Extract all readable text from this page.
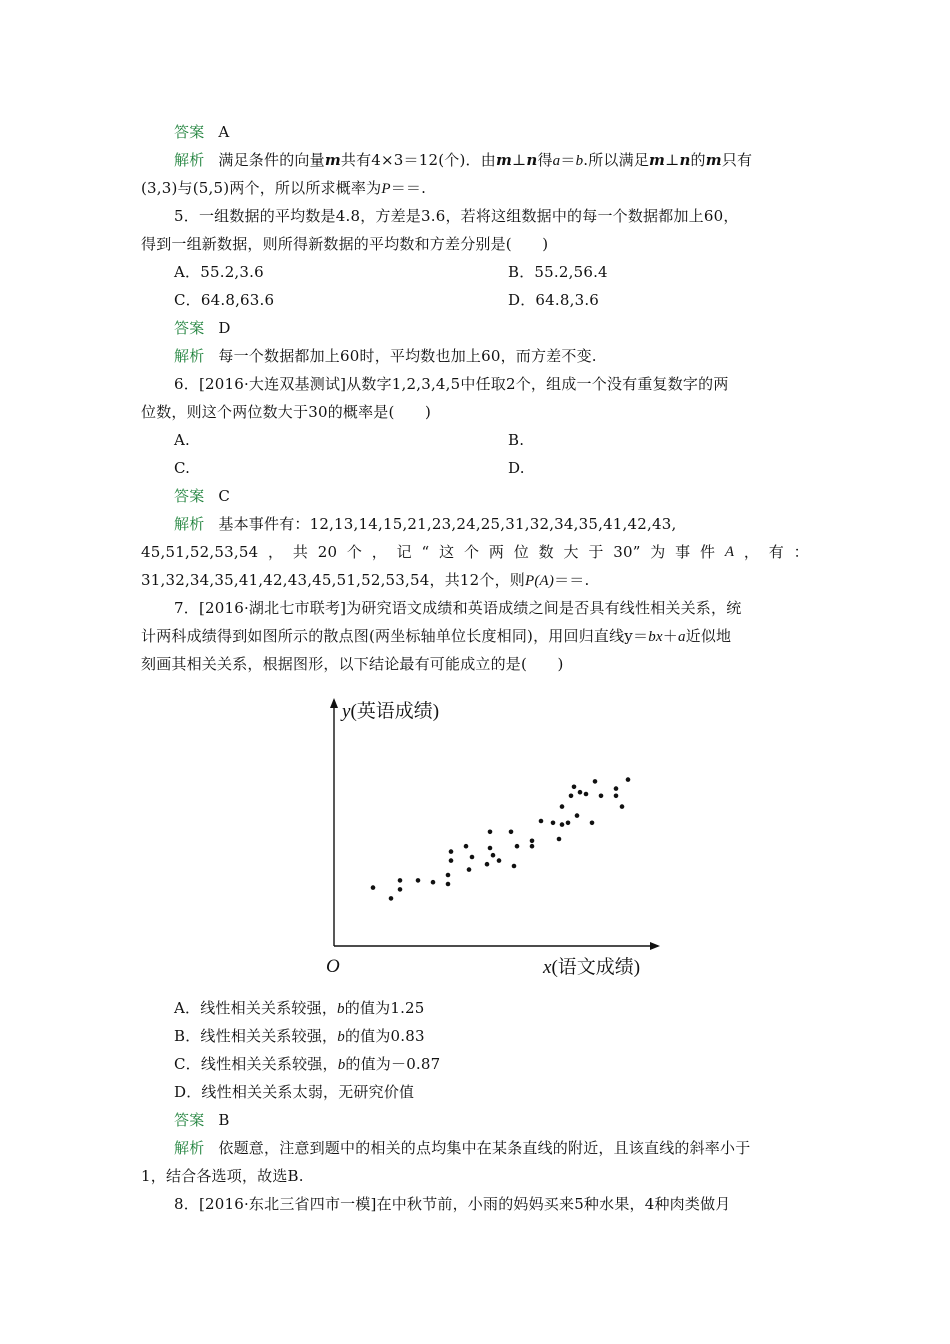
答案 A
解析 满足条件的向量m共有4×3＝12(个)．由m⊥n得a＝b.所以满足m⊥n的m只有
(3,3)与(5,5)两个，所以所求概率为P＝＝.
5．一组数据的平均数是4.8，方差是3.6，若将这组数据中的每一个数据都加上60，
得到一组新数据，则所得新数据的平均数和方差分别是(　　)
A．55.2,3.6	B．55.2,56.4
C．64.8,63.6	D．64.8,3.6
答案 D
解析 每一个数据都加上60时，平均数也加上60，而方差不变.
6．[2016·大连双基测试]从数字1,2,3,4,5中任取2个，组成一个没有重复数字的两
位数，则这个两位数大于30的概率是(　　)
A.	B.
C.	D.
答案 C
解析 基本事件有：12,13,14,15,21,23,24,25,31,32,34,35,41,42,43,
45,51,52,53,54 ， 共 20 个 ， 记 “ 这 个 两 位 数 大 于 30” 为 事 件 A ， 有 ：
31,32,34,35,41,42,43,45,51,52,53,54，共12个，则P(A)＝＝.
7．[2016·湖北七市联考]为研究语文成绩和英语成绩之间是否具有线性相关关系，统
计两科成绩得到如图所示的散点图(两坐标轴单位长度相同)，用回归直线y＝bx＋a近似地
刻画其相关关系，根据图形，以下结论最有可能成立的是(　　)
y(英语成绩)
x(语文成绩)
O
A．线性相关关系较强，b的值为1.25
B．线性相关关系较强，b的值为0.83
C．线性相关关系较强，b的值为－0.87
D．线性相关关系太弱，无研究价值
答案 B
解析 依题意，注意到题中的相关的点均集中在某条直线的附近，且该直线的斜率小于
1，结合各选项，故选B.
8．[2016·东北三省四市一模]在中秋节前，小雨的妈妈买来5种水果，4种肉类做月
